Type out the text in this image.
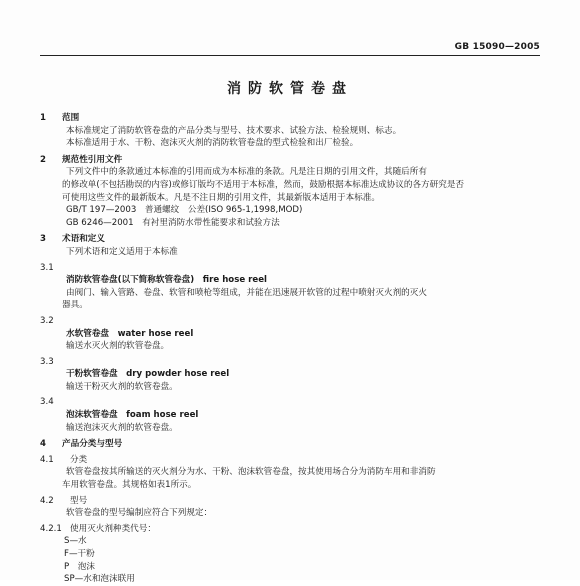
GB 15090—2005
消防软管卷盘
1	范围
本标准规定了消防软管卷盘的产品分类与型号、技术要求、试验方法、检验规则、标志。
本标准适用于水、干粉、泡沫灭火剂的消防软管卷盘的型式检验和出厂检验。
2	规范性引用文件
下列文件中的条款通过本标准的引用而成为本标准的条款。凡是注日期的引用文件，其随后所有
的修改单(不包括勘误的内容)或修订版均不适用于本标准，然而，鼓励根据本标准达成协议的各方研究是否
可使用这些文件的最新版本。凡是不注日期的引用文件，其最新版本适用于本标准。
GB/T 197—2003　普通螺纹　公差(ISO 965-1,1998,MOD)
GB 6246—2001　有衬里消防水带性能要求和试验方法
3	术语和定义
下列术语和定义适用于本标准
3.1
消防软管卷盘(以下简称软管卷盘)　fire hose reel
由阀门、输入管路、卷盘、软管和喷枪等组成，并能在迅速展开软管的过程中喷射灭火剂的灭火
器具。
3.2
水软管卷盘　water hose reel
输送水灭火剂的软管卷盘。
3.3
干粉软管卷盘　dry powder hose reel
输送干粉灭火剂的软管卷盘。
3.4
泡沫软管卷盘　foam hose reel
输送泡沫灭火剂的软管卷盘。
4	产品分类与型号
4.1	分类
软管卷盘按其所输送的灭火剂分为水、干粉、泡沫软管卷盘，按其使用场合分为消防车用和非消防
车用软管卷盘。其规格如表1所示。
4.2	型号
软管卷盘的型号编制应符合下列规定：
4.2.1 使用灭火剂种类代号：
S—水
F—干粉
P　泡沫
SP—水和泡沫联用
